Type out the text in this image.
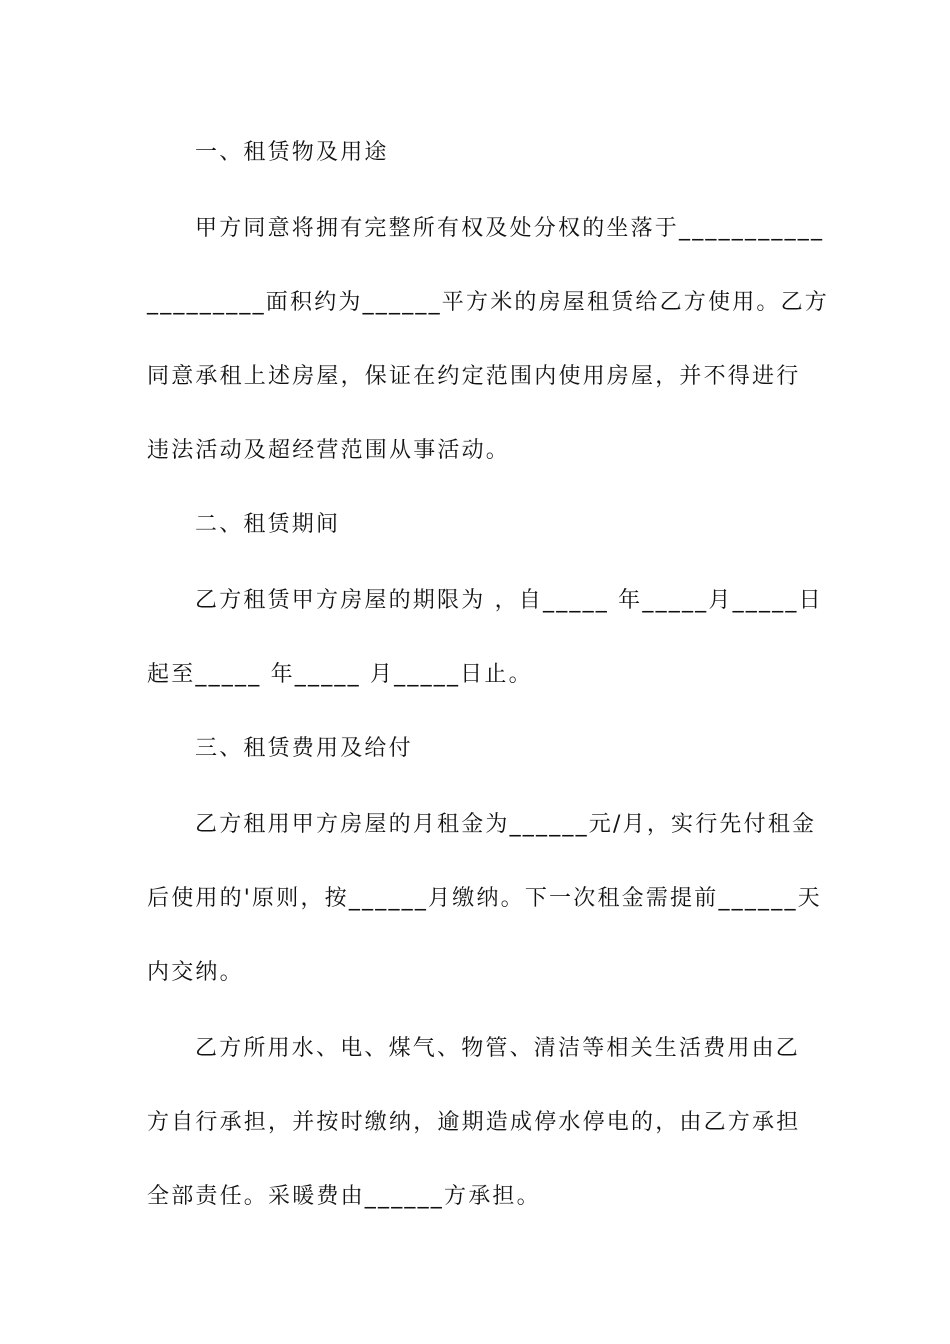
一、租赁物及用途
甲方同意将拥有完整所有权及处分权的坐落于___________
_________面积约为______平方米的房屋租赁给乙方使用。乙方
同意承租上述房屋，保证在约定范围内使用房屋，并不得进行
违法活动及超经营范围从事活动。
二、租赁期间
乙方租赁甲方房屋的期限为 ，自_____ 年_____月_____日
起至_____ 年_____ 月_____日止。
三、租赁费用及给付
乙方租用甲方房屋的月租金为______元/月，实行先付租金
后使用的'原则，按______月缴纳。下一次租金需提前______天
内交纳。
乙方所用水、电、煤气、物管、清洁等相关生活费用由乙
方自行承担，并按时缴纳，逾期造成停水停电的，由乙方承担
全部责任。采暖费由______方承担。
